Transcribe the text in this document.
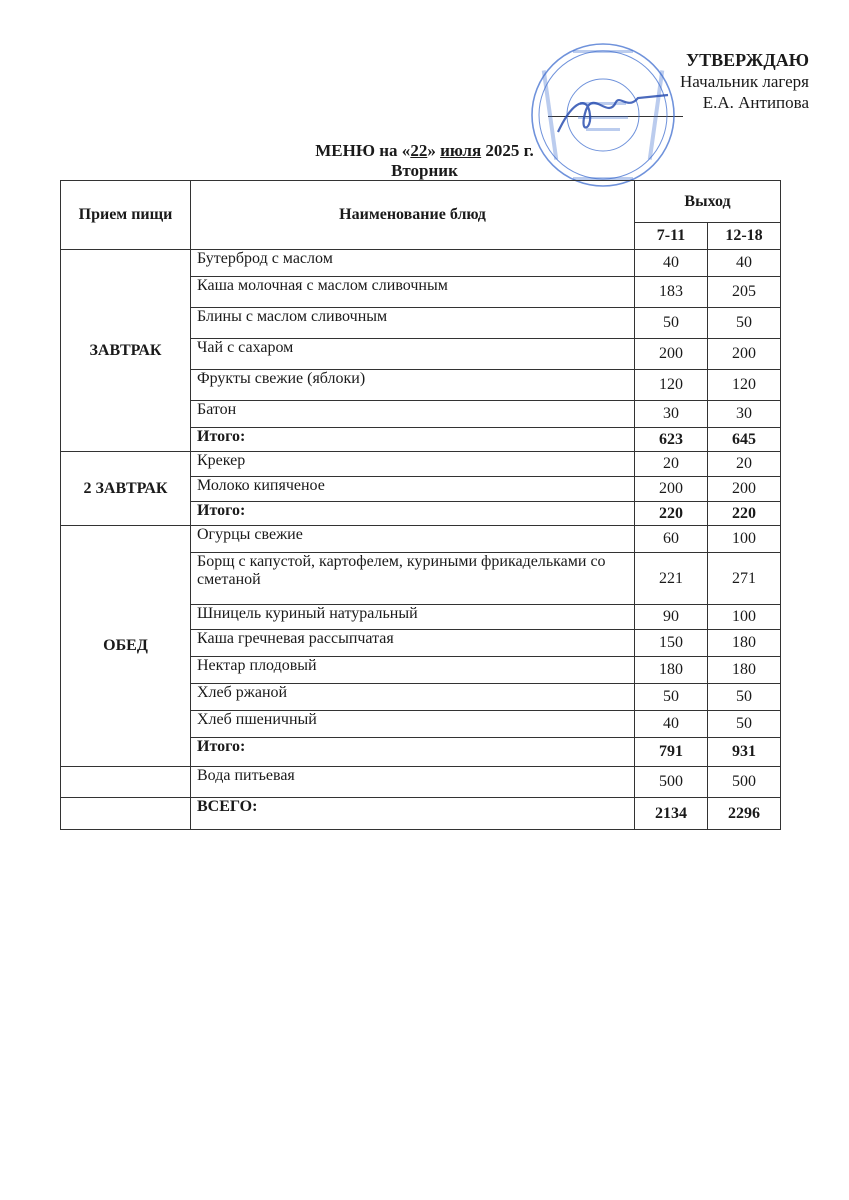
УТВЕРЖДАЮ
Начальник лагеря
Е.А. Антипова
МЕНЮ на «22» июля 2025 г.
Вторник
Прием пищи	Наименование блюд	Выход	
		7-11	12-18
ЗАВТРАК	Бутерброд с маслом	40	40
	Каша молочная с маслом сливочным	183	205
	Блины с маслом сливочным	50	50
	Чай с сахаром	200	200
	Фрукты свежие (яблоки)	120	120
	Батон	30	30
	Итого:	623	645
2 ЗАВТРАК	Крекер	20	20
	Молоко кипяченое	200	200
	Итого:	220	220
ОБЕД	Огурцы свежие	60	100
	Борщ с капустой, картофелем, куриными фрикадельками со сметаной	221	271
	Шницель куриный натуральный	90	100
	Каша гречневая рассыпчатая	150	180
	Нектар плодовый	180	180
	Хлеб ржаной	50	50
	Хлеб пшеничный	40	50
	Итого:	791	931
	Вода питьевая	500	500
	ВСЕГО:	2134	2296
